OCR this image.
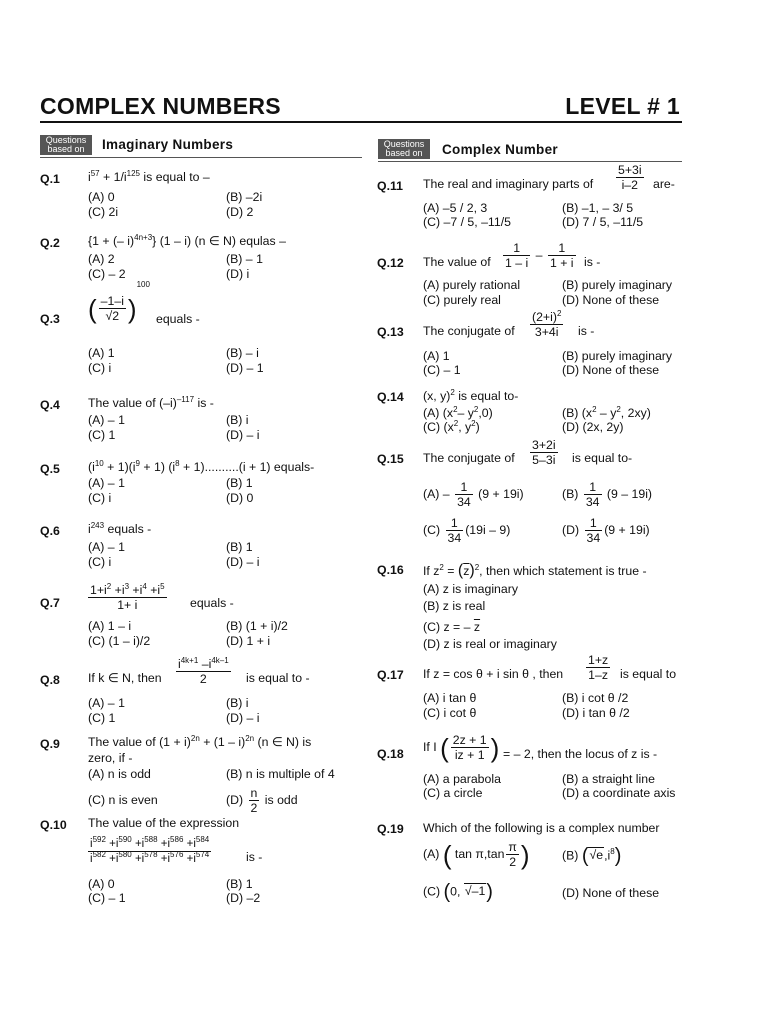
COMPLEX NUMBERS	LEVEL # 1
Questions based on	Imaginary Numbers	Questions based on	Complex Number
Q.1 $i^{57} + 1/i^{125}$ is equal to –
(A) 0	(B) –2i
(C) 2i	(D) 2
Q.2 {1 + (– i)$^{4n+3}$} (1 – i) (n ∈ N) equlas –
(A) 2	(B) – 1
(C) – 2	(D) i
Q.3 ( $\frac{-1-i}{√2} )^{100}$
equals -
(A) 1	(B) – i
(C) i	(D) – 1
Q.4 The value of $(-i)^{-117}$ is -
(A) – 1	(B) i
(C) 1	(D) – i
Q.5 $(i^{10} + 1)(i^9 + 1) (i^8 + 1)..........(i + 1)$ equals-
(A) – 1	(B) 1
(C) i	(D) 0
Q.6 $i^{243}$ equals -
(A) – 1	(B) 1
(C) i	(D) – i
$Q.7 \frac{1+i^2 +i^3 +i^4 +i^5}{1+ i}$ equals -
(A) 1 – i	(B) (1 + i)/2
(C) (1 – i)/2	(D) 1 + i
Q.8 If k ∈ N, then $\frac{i^{4k+1} -i^{4k-1}}{2}$ is equal to -
(A) – 1	(B) i
(C) 1	(D) – i
Q.9 The value of $(1 + i)^{2n} + (1 - i)^{2n}$ (n ∈ N) is
zero, if -
(A) n is odd	(B) n is multiple of 4
(C) n is even	$(D) \frac{n}{2}$ is odd
Q.10 The value of the expression
$\frac{i^{592} +i^{590} +i^{588} +i^{586} +i^{584}}{i^{582} +i^{580} +i^{578} +i^{576} +i^{574}}$	is -
(A) 0	(B) 1
(C) – 1	(D) –2
Q.11 The real and imaginary parts of $\frac{5+3i}{i-2} are-$
(A) –5 / 2, 3	(B) –1, – 3/ 5
(C) –7 / 5, –11/5	(D) 7 / 5, –11/5
Q.12 The value of $\frac{1}{1 - i} - \frac{1}{1 + i}$ is -
(A) purely rational	(B) purely imaginary
(C) purely real	(D) None of these
Q.13 The conjugate of $\frac{(2+i)^2}{3+4i}$ is -
(A) 1	(B) purely imaginary
(C) – 1	(D) None of these
Q.14 (x, y)$^2$ is equal to-
(A) ($x^2-$ $y^2,0$)	(B) ($x^2 - y^2$, 2xy)
(C) ($x^2$, $y^2$)	(D) (2x, 2y)
Q.15 The conjugate of $\frac{3+2i}{5-3i}$ is equal to-
$(A) - \frac{1}{34} (9 + 19i)$	$(B) \frac{1}{34} (9 - 19i)$
$(C) \frac{1}{34} (19i - 9)$	$(D) \frac{1}{34} (9 + 19i)$
Q.16 If $z^2 = (\overline{z})^2$, then which statement is true -
(A) z is imaginary
(B) z is real
(C) z = – $\overline{z}$
(D) z is real or imaginary
Q.17 If z = cos θ + i sin θ , then $\frac{1+z}{1-z}$ is equal to
(A) i tan θ	(B) i cot θ /2
(C) i cot θ	(D) i tan θ /2
Q.18
If I ( $\frac{2z + 1}{iz + 1}$ ) = – 2, then the locus of z is -
(A) a parabola	(B) a straight line
(C) a circle	(D) a coordinate axis
Q.19 Which of the following is a complex number
(A) ( $\tan \pi,\tan \frac{\pi}{2}$ )	(B) $(√e,i^8)$
(C) (0, √–1)	(D) None of these
